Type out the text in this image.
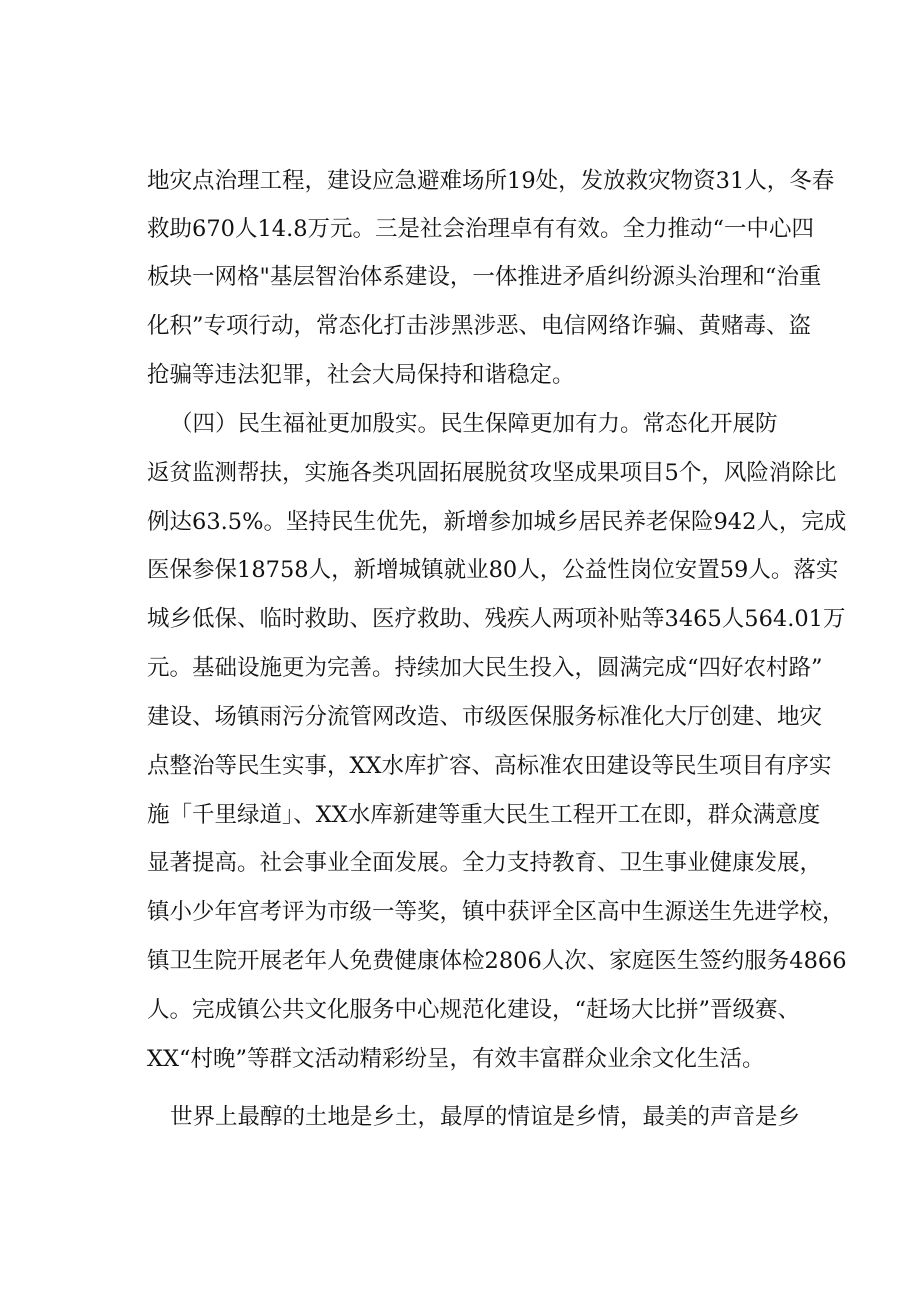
地灾点治理工程，建设应急避难场所19处，发放救灾物资31人，冬春
救助670人14.8万元。三是社会治理卓有有效。全力推动“一中心四
板块一网格"基层智治体系建设，一体推进矛盾纠纷源头治理和“治重
化积”专项行动，常态化打击涉黑涉恶、电信网络诈骗、黄赌毒、盗
抢骗等违法犯罪，社会大局保持和谐稳定。
（四）民生福祉更加殷实。民生保障更加有力。常态化开展防
返贫监测帮扶，实施各类巩固拓展脱贫攻坚成果项目5个，风险消除比
例达63.5%。坚持民生优先，新增参加城乡居民养老保险942人，完成
医保参保18758人，新增城镇就业80人，公益性岗位安置59人。落实
城乡低保、临时救助、医疗救助、残疾人两项补贴等3465人564.01万
元。基础设施更为完善。持续加大民生投入，圆满完成“四好农村路”
建设、场镇雨污分流管网改造、市级医保服务标准化大厅创建、地灾
点整治等民生实事，XX水库扩容、高标准农田建设等民生项目有序实
施「千里绿道」、XX水库新建等重大民生工程开工在即，群众满意度
显著提高。社会事业全面发展。全力支持教育、卫生事业健康发展，
镇小少年宫考评为市级一等奖，镇中获评全区高中生源送生先进学校，
镇卫生院开展老年人免费健康体检2806人次、家庭医生签约服务4866
人。完成镇公共文化服务中心规范化建设，“赶场大比拼”晋级赛、
XX“村晚”等群文活动精彩纷呈，有效丰富群众业余文化生活。
世界上最醇的土地是乡土，最厚的情谊是乡情，最美的声音是乡
